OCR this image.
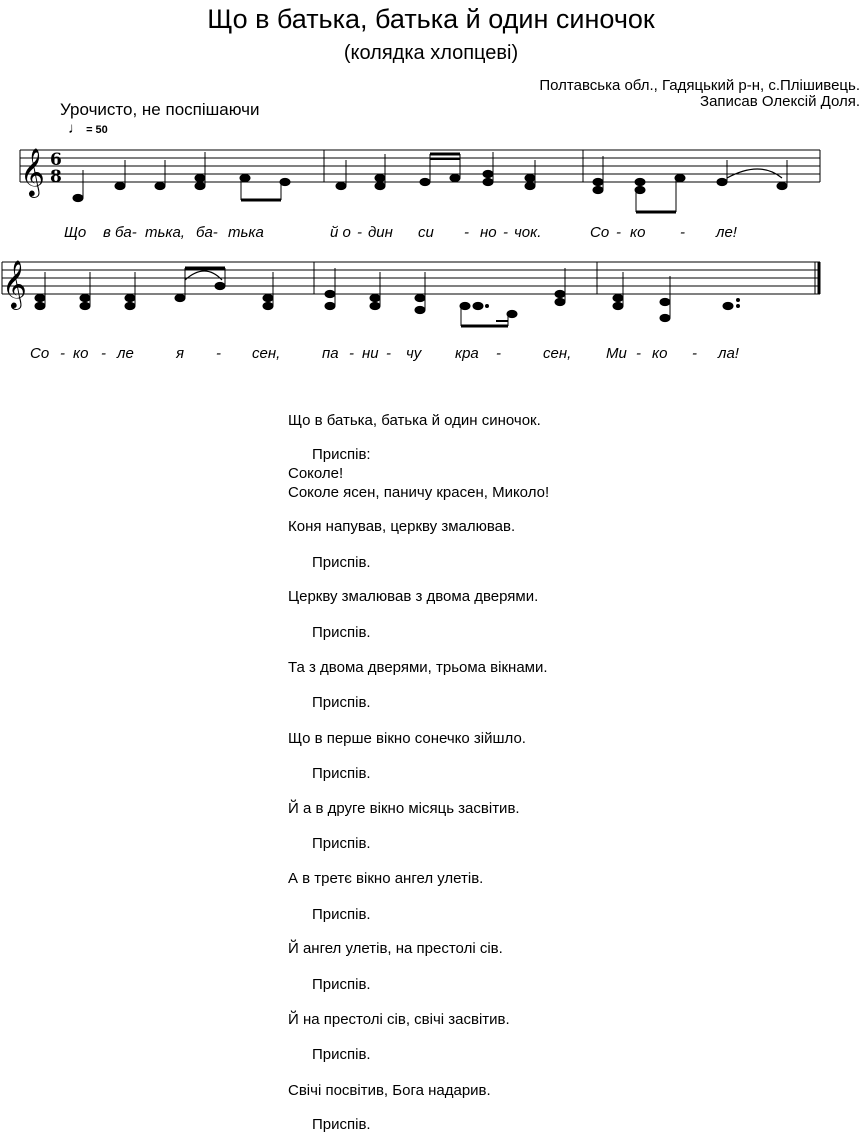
Що в батька, батька й один синочок
(колядка хлопцеві)
Полтавська обл., Гадяцький р-н, с.Плішивець.
Записав Олексій Доля.
Урочисто, не поспішаючи
♩ = 50
𝄞 6
8
𝄞
Що в ба- тька, ба- тька	й о - дин си - но - чок.	Со - ко - ле!
Со - ко - ле	я - сен,	па - ни - чу кра -	сен, Ми - ко - ла!
Що в батька, батька й один синочок.
Приспів:
Соколе!
Соколе ясен, паничу красен, Миколо!
Коня напував, церкву змалював.
Приспів.
Церкву змалював з двома дверями.
Приспів.
Та з двома дверями, трьома вікнами.
Приспів.
Що в перше вікно сонечко зійшло.
Приспів.
Й а в друге вікно місяць засвітив.
Приспів.
А в третє вікно ангел улетів.
Приспів.
Й ангел улетів, на престолі сів.
Приспів.
Й на престолі сів, свічі засвітив.
Приспів.
Свічі посвітив, Бога надарив.
Приспів.
